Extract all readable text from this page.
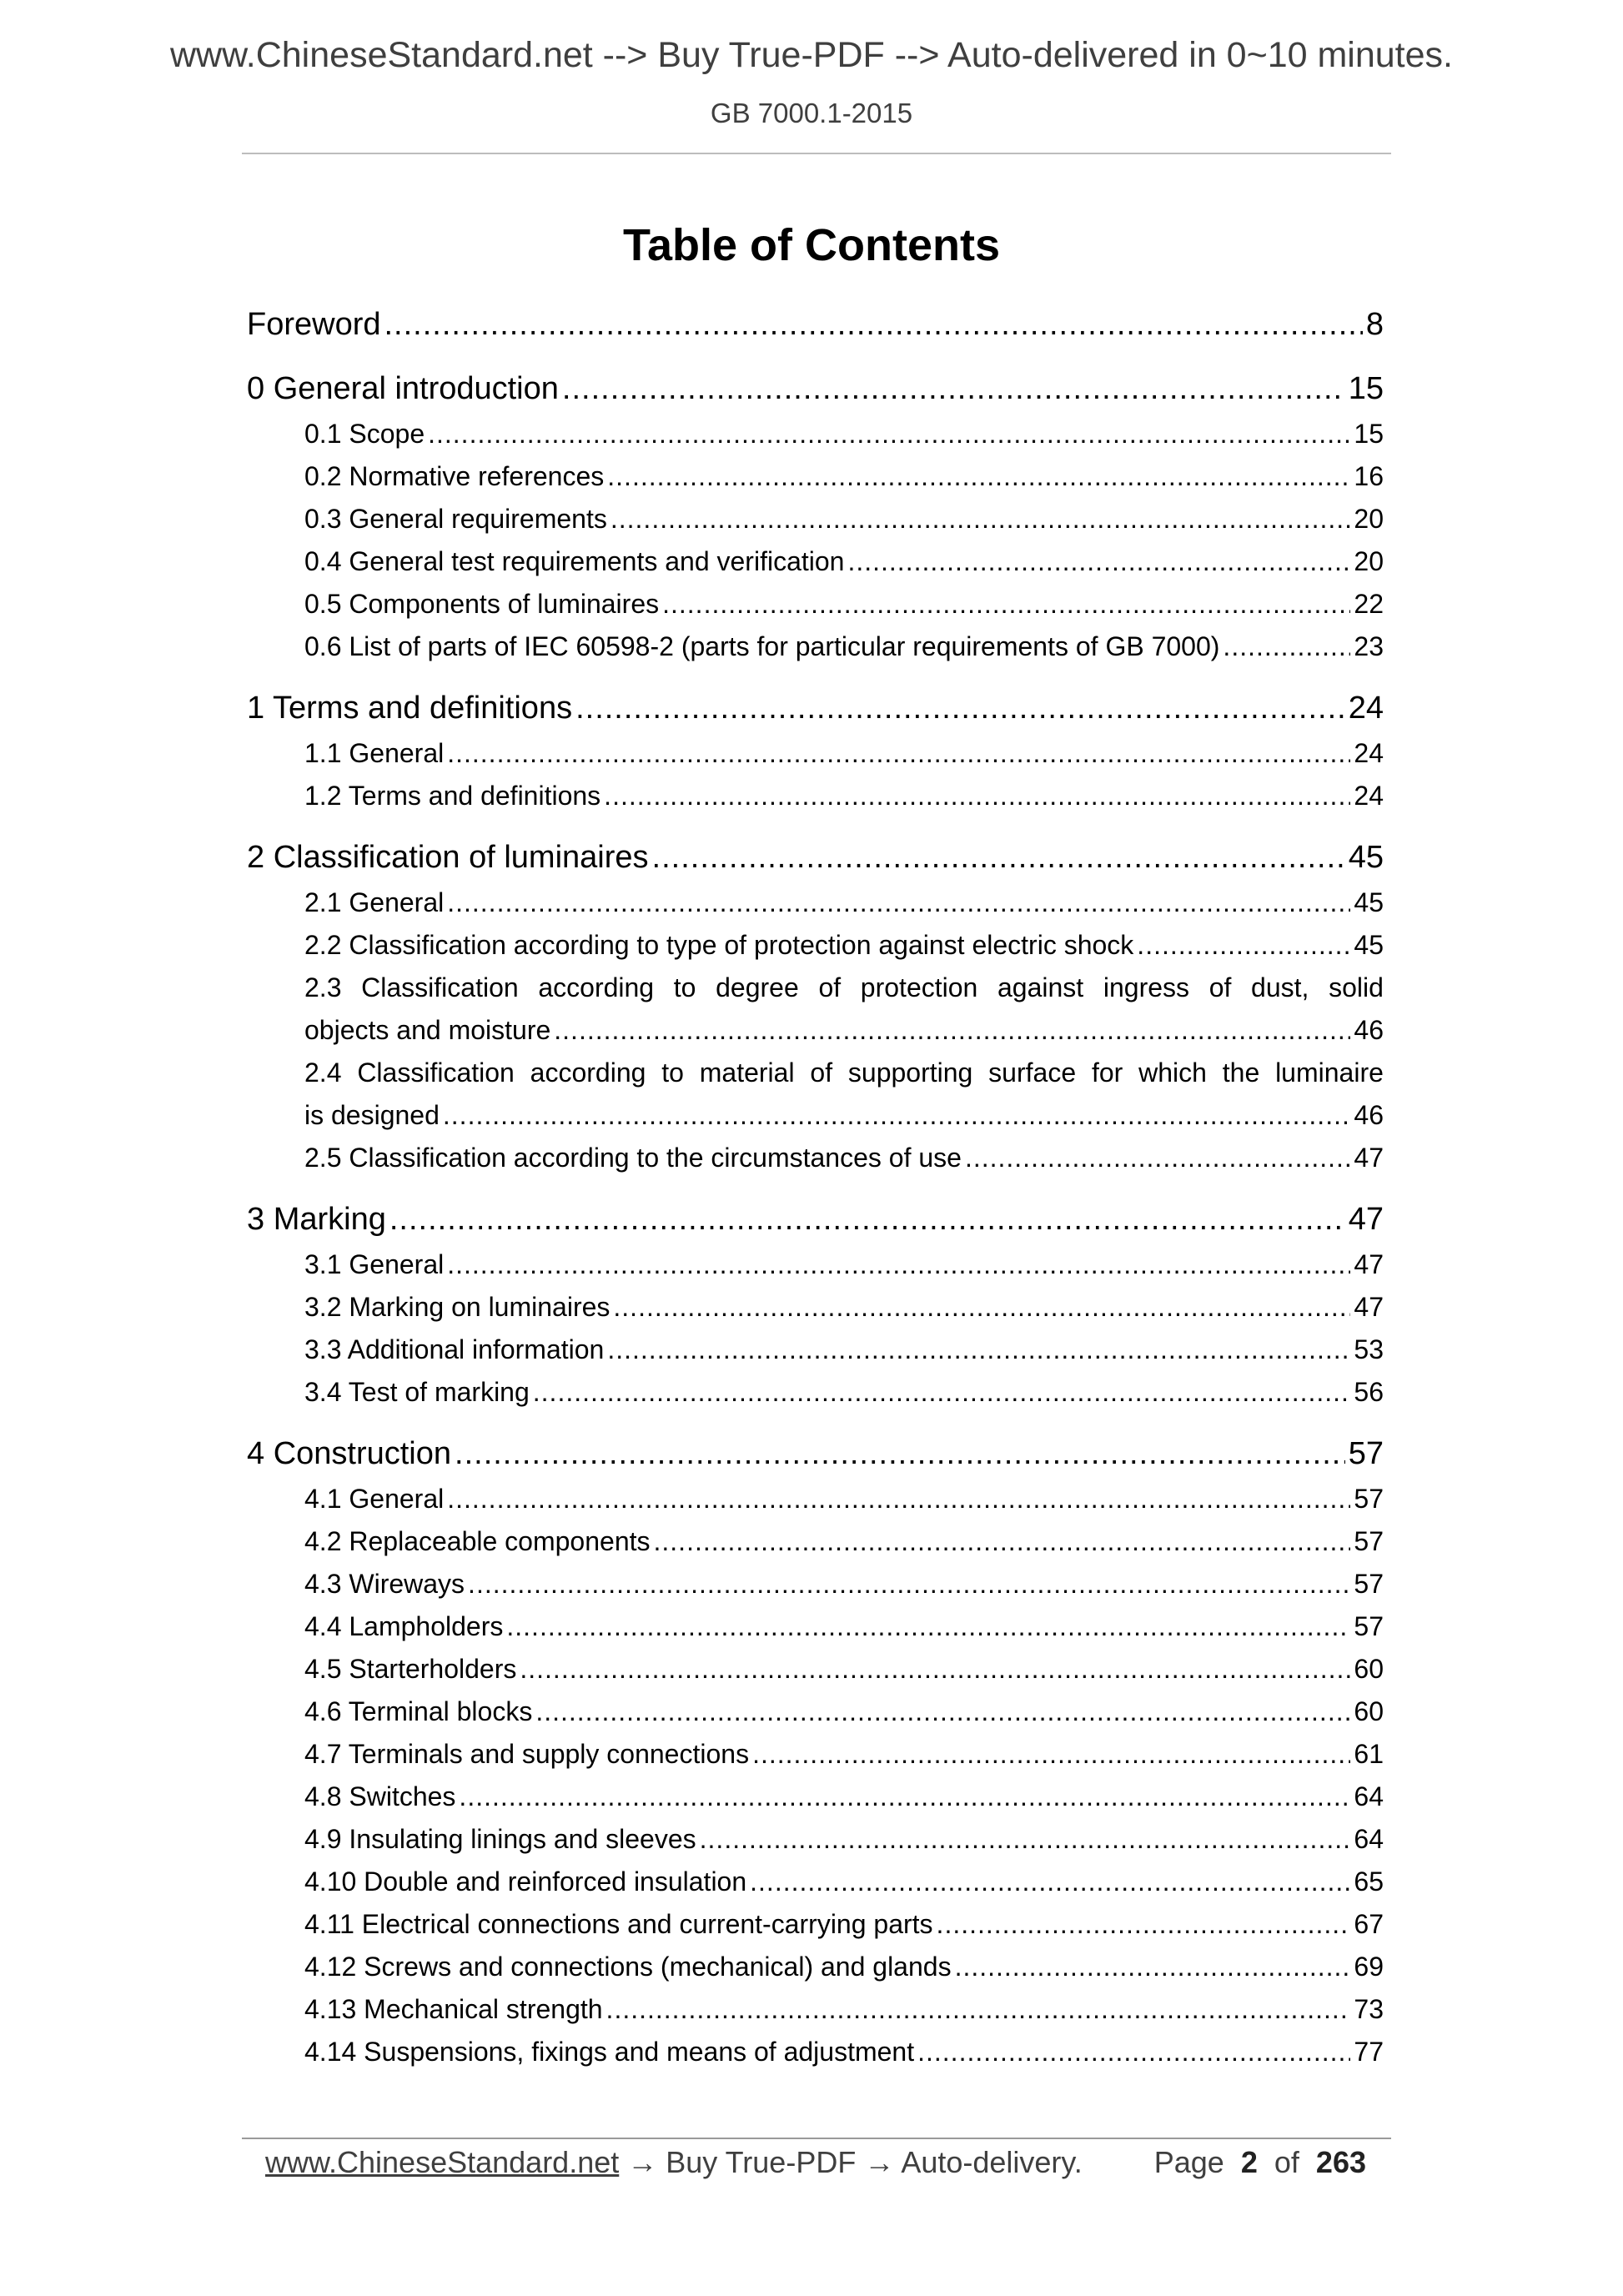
www.ChineseStandard.net --> Buy True-PDF --> Auto-delivered in 0~10 minutes.
GB 7000.1-2015
Table of Contents
Foreword .....	8
0 General introduction .....	15
0.1 Scope .....	15
0.2 Normative references .....	16
0.3 General requirements .....	20
0.4 General test requirements and verification .....	20
0.5 Components of luminaires .....	22
0.6 List of parts of IEC 60598-2 (parts for particular requirements of GB 7000) .....	23
1 Terms and definitions .....	24
1.1 General .....	24
1.2 Terms and definitions .....	24
2 Classification of luminaires .....	45
2.1 General .....	45
2.2 Classification according to type of protection against electric shock .....	45
2.3 Classification according to degree of protection against ingress of dust, solid
objects and moisture .....	46
2.4 Classification according to material of supporting surface for which the luminaire
is designed .....	46
2.5 Classification according to the circumstances of use .....	47
3 Marking .....	47
3.1 General .....	47
3.2 Marking on luminaires .....	47
3.3 Additional information .....	53
3.4 Test of marking .....	56
4 Construction .....	57
4.1 General .....	57
4.2 Replaceable components .....	57
4.3 Wireways .....	57
4.4 Lampholders .....	57
4.5 Starterholders .....	60
4.6 Terminal blocks .....	60
4.7 Terminals and supply connections .....	61
4.8 Switches .....	64
4.9 Insulating linings and sleeves .....	64
4.10 Double and reinforced insulation .....	65
4.11 Electrical connections and current-carrying parts .....	67
4.12 Screws and connections (mechanical) and glands .....	69
4.13 Mechanical strength .....	73
4.14 Suspensions, fixings and means of adjustment .....	77
www.ChineseStandard.net → Buy True-PDF → Auto-delivery. Page 2 of 263
